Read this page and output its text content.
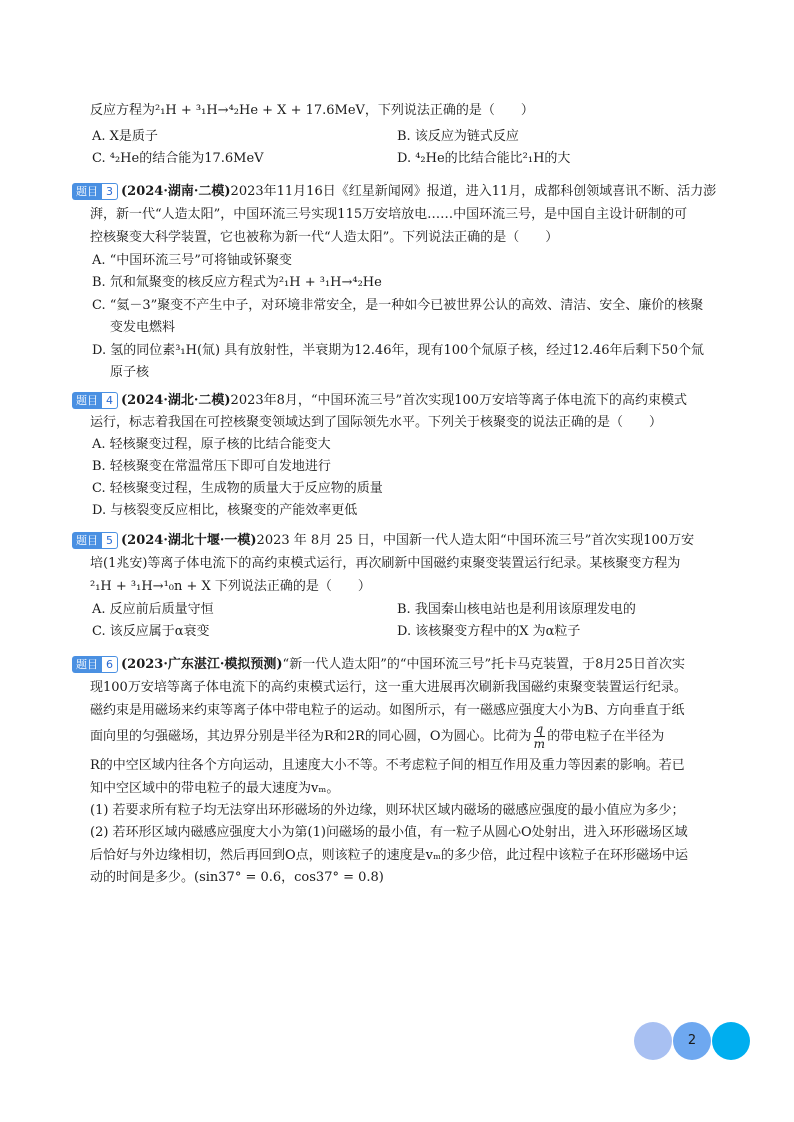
反应方程为²₁H + ³₁H→⁴₂He + X + 17.6MeV，下列说法正确的是（　　）
A. X是质子	B. 该反应为链式反应
C. ⁴₂He的结合能为17.6MeV	D. ⁴₂He的比结合能比²₁H的大
题目 3 (2024·湖南·二模)2023年11月16日《红星新闻网》报道，进入11月，成都科创领域喜讯不断、活力澎
湃，新一代“人造太阳”，中国环流三号实现115万安培放电……中国环流三号，是中国自主设计研制的可
控核聚变大科学装置，它也被称为新一代“人造太阳”。下列说法正确的是（　　）
A. “中国环流三号”可将铀或钚聚变
B. 氘和氚聚变的核反应方程式为²₁H + ³₁H→⁴₂He
C. “氦－3”聚变不产生中子，对环境非常安全，是一种如今已被世界公认的高效、清洁、安全、廉价的核聚
变发电燃料
D. 氢的同位素³₁H(氚) 具有放射性，半衰期为12.46年，现有100个氚原子核，经过12.46年后剩下50个氚
原子核
题目 4 (2024·湖北·二模)2023年8月，“中国环流三号”首次实现100万安培等离子体电流下的高约束模式
运行，标志着我国在可控核聚变领域达到了国际领先水平。下列关于核聚变的说法正确的是（　　）
A. 轻核聚变过程，原子核的比结合能变大
B. 轻核聚变在常温常压下即可自发地进行
C. 轻核聚变过程，生成物的质量大于反应物的质量
D. 与核裂变反应相比，核聚变的产能效率更低
题目 5 (2024·湖北十堰·一模)2023 年 8月 25 日，中国新一代人造太阳“中国环流三号”首次实现100万安
培(1兆安)等离子体电流下的高约束模式运行，再次刷新中国磁约束聚变装置运行纪录。某核聚变方程为
²₁H + ³₁H→¹₀n + X 下列说法正确的是（　　）
A. 反应前后质量守恒	B. 我国秦山核电站也是利用该原理发电的
C. 该反应属于α衰变	D. 该核聚变方程中的X 为α粒子
题目 6 (2023·广东湛江·模拟预测)“新一代人造太阳”的“中国环流三号”托卡马克装置，于8月25日首次实
现100万安培等离子体电流下的高约束模式运行，这一重大进展再次刷新我国磁约束聚变装置运行纪录。
磁约束是用磁场来约束等离子体中带电粒子的运动。如图所示，有一磁感应强度大小为B、方向垂直于纸
面向里的匀强磁场，其边界分别是半径为R和2R的同心圆，O为圆心。比荷为 $\frac{q}{m}$ 的带电粒子在半径为
R的中空区域内往各个方向运动，且速度大小不等。不考虑粒子间的相互作用及重力等因素的影响。若已
知中空区域中的带电粒子的最大速度为vₘ。
(1) 若要求所有粒子均无法穿出环形磁场的外边缘，则环状区域内磁场的磁感应强度的最小值应为多少；
(2) 若环形区域内磁感应强度大小为第(1)问磁场的最小值，有一粒子从圆心O处射出，进入环形磁场区域
后恰好与外边缘相切，然后再回到O点，则该粒子的速度是vₘ的多少倍，此过程中该粒子在环形磁场中运
动的时间是多少。(sin37° = 0.6，cos37° = 0.8)
2
